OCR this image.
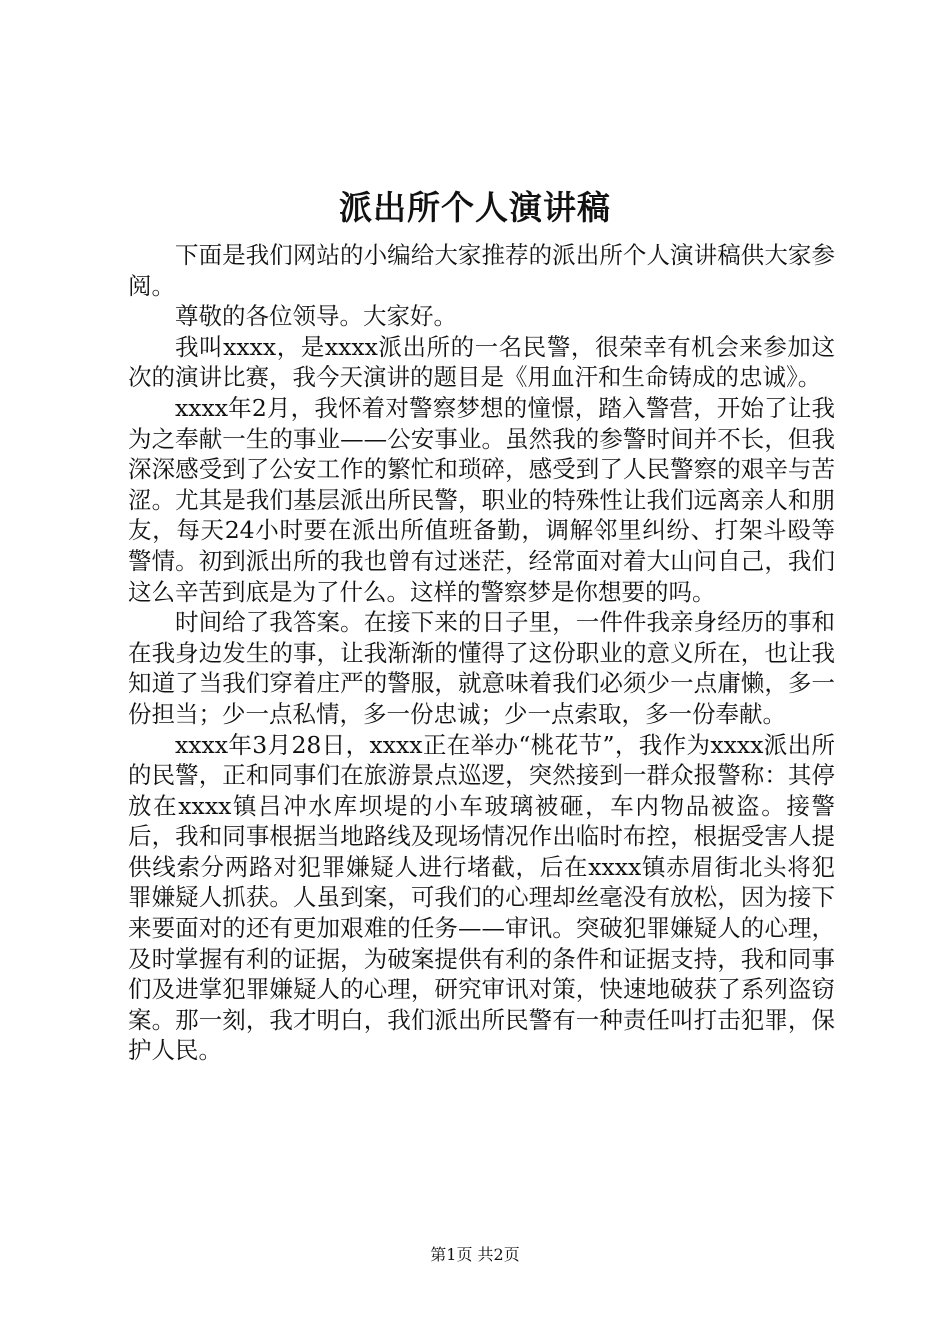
派出所个人演讲稿

下面是我们网站的小编给大家推荐的派出所个人演讲稿供大家参阅。

尊敬的各位领导。大家好。

我叫xxxx，是xxxx派出所的一名民警，很荣幸有机会来参加这次的演讲比赛，我今天演讲的题目是《用血汗和生命铸成的忠诚》。

xxxx年2月，我怀着对警察梦想的憧憬，踏入警营，开始了让我为之奉献一生的事业——公安事业。虽然我的参警时间并不长，但我深深感受到了公安工作的繁忙和琐碎，感受到了人民警察的艰辛与苦涩。尤其是我们基层派出所民警，职业的特殊性让我们远离亲人和朋友，每天24小时要在派出所值班备勤，调解邻里纠纷、打架斗殴等警情。初到派出所的我也曾有过迷茫，经常面对着大山问自己，我们这么辛苦到底是为了什么。这样的警察梦是你想要的吗。

时间给了我答案。在接下来的日子里，一件件我亲身经历的事和在我身边发生的事，让我渐渐的懂得了这份职业的意义所在，也让我知道了当我们穿着庄严的警服，就意味着我们必须少一点庸懒，多一份担当；少一点私情，多一份忠诚；少一点索取，多一份奉献。

xxxx年3月28日，xxxx正在举办“桃花节”，我作为xxxx派出所的民警，正和同事们在旅游景点巡逻，突然接到一群众报警称：其停放在xxxx镇吕冲水库坝堤的小车玻璃被砸，车内物品被盗。接警后，我和同事根据当地路线及现场情况作出临时布控，根据受害人提供线索分两路对犯罪嫌疑人进行堵截，后在xxxx镇赤眉街北头将犯罪嫌疑人抓获。人虽到案，可我们的心理却丝毫没有放松，因为接下来要面对的还有更加艰难的任务——审讯。突破犯罪嫌疑人的心理，及时掌握有利的证据，为破案提供有利的条件和证据支持，我和同事们及进掌犯罪嫌疑人的心理，研究审讯对策，快速地破获了系列盗窃案。那一刻，我才明白，我们派出所民警有一种责任叫打击犯罪，保护人民。

第1页 共2页
